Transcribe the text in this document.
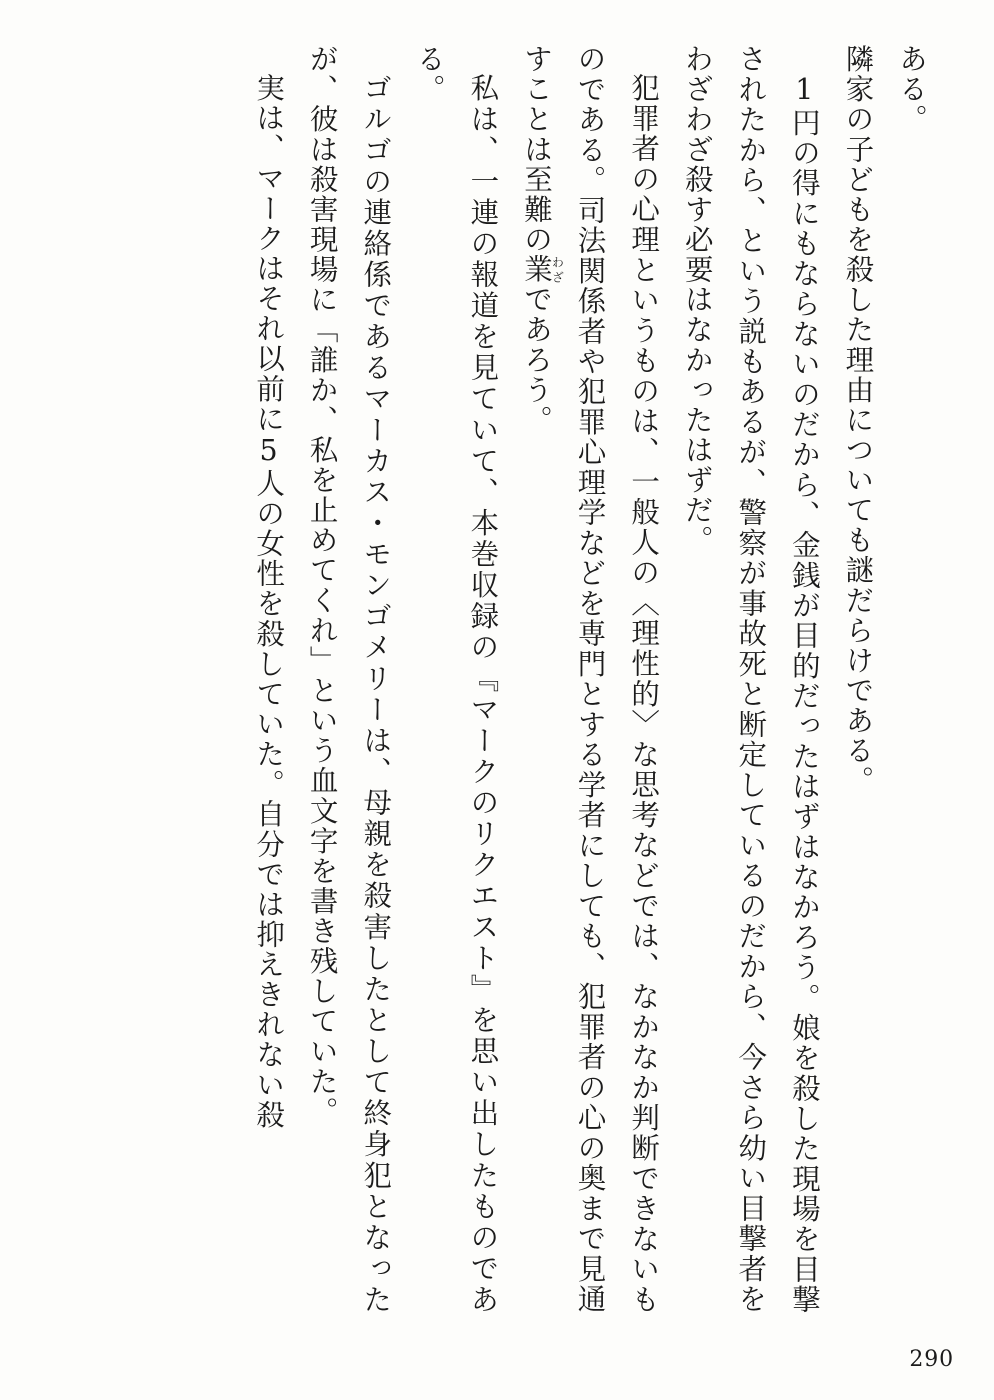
ある。

隣家の子どもを殺した理由についても謎だらけである。

1円の得にもならないのだから、金銭が目的だったはずはなかろう。娘を殺した現場を目撃されたから、という説もあるが、警察が事故死と断定しているのだから、今さら幼い目撃者をわざわざ殺す必要はなかったはずだ。

犯罪者の心理というものは、一般人の〈理性的〉な思考などでは、なかなか判断できないものである。司法関係者や犯罪心理学などを専門とする学者にしても、犯罪者の心の奥まで見通すことは至難の業わざであろう。

私は、一連の報道を見ていて、本巻収録の『マークのリクエスト』を思い出したものである。

ゴルゴの連絡係であるマーカス・モンゴメリーは、母親を殺害したとして終身犯となったが、彼は殺害現場に「誰か、私を止めてくれ」という血文字を書き残していた。

実は、マークはそれ以前に5人の女性を殺していた。自分では抑えきれない殺

290
